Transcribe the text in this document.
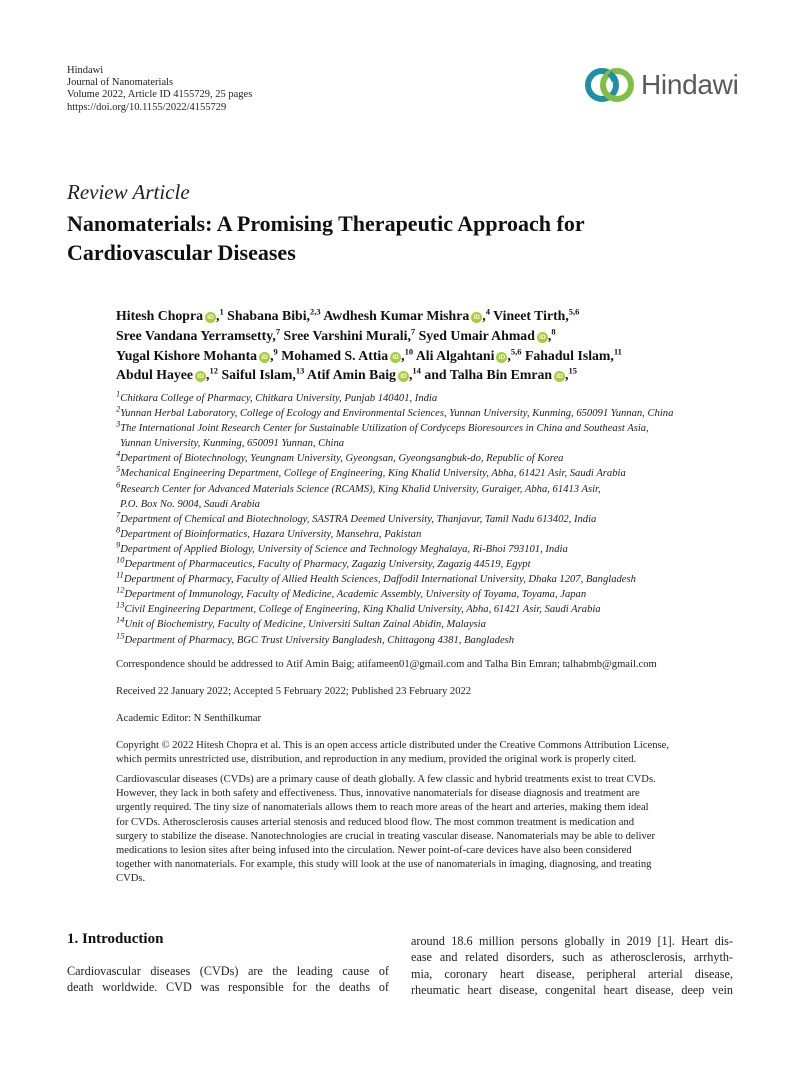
Hindawi
Journal of Nanomaterials
Volume 2022, Article ID 4155729, 25 pages
https://doi.org/10.1155/2022/4155729
Hindawi
Review Article
Nanomaterials: A Promising Therapeutic Approach for
Cardiovascular Diseases
Hitesh Chopra iD ,$^1$ Shabana Bibi,$^{2,3}$ Awdhesh Kumar Mishra iD ,$^4$ Vineet Tirth,$^{5,6}$
Sree Vandana Yerramsetty,$^7$ Sree Varshini Murali,$^7$ Syed Umair Ahmad iD ,$^8$
Yugal Kishore Mohanta iD ,$^9$ Mohamed S. Attia iD ,$^{10}$ Ali Algahtani iD ,$^{5,6}$ Fahadul Islam,$^{11}$
Abdul Hayee iD ,$^{12}$ Saiful Islam,$^{13}$ Atif Amin Baig iD ,$^{14}$ and Talha Bin Emran iD ,$^{15}$
$^1$Chitkara College of Pharmacy, Chitkara University, Punjab 140401, India
$^2$Yunnan Herbal Laboratory, College of Ecology and Environmental Sciences, Yunnan University, Kunming, 650091 Yunnan, China
$^3$The International Joint Research Center for Sustainable Utilization of Cordyceps Bioresources in China and Southeast Asia,
Yunnan University, Kunming, 650091 Yunnan, China
$^4$Department of Biotechnology, Yeungnam University, Gyeongsan, Gyeongsangbuk-do, Republic of Korea
$^5$Mechanical Engineering Department, College of Engineering, King Khalid University, Abha, 61421 Asir, Saudi Arabia
$^6$Research Center for Advanced Materials Science (RCAMS), King Khalid University, Guraiger, Abha, 61413 Asir,
P.O. Box No. 9004, Saudi Arabia
$^7$Department of Chemical and Biotechnology, SASTRA Deemed University, Thanjavur, Tamil Nadu 613402, India
$^8$Department of Bioinformatics, Hazara University, Mansehra, Pakistan
$^9$Department of Applied Biology, University of Science and Technology Meghalaya, Ri-Bhoi 793101, India
$^{10}$Department of Pharmaceutics, Faculty of Pharmacy, Zagazig University, Zagazig 44519, Egypt
$^{11}$Department of Pharmacy, Faculty of Allied Health Sciences, Daffodil International University, Dhaka 1207, Bangladesh
$^{12}$Department of Immunology, Faculty of Medicine, Academic Assembly, University of Toyama, Toyama, Japan
$^{13}$Civil Engineering Department, College of Engineering, King Khalid University, Abha, 61421 Asir, Saudi Arabia
$^{14}$Unit of Biochemistry, Faculty of Medicine, Universiti Sultan Zainal Abidin, Malaysia
$^{15}$Department of Pharmacy, BGC Trust University Bangladesh, Chittagong 4381, Bangladesh
Correspondence should be addressed to Atif Amin Baig; atifameen01@gmail.com and Talha Bin Emran; talhabmb@gmail.com
Received 22 January 2022; Accepted 5 February 2022; Published 23 February 2022
Academic Editor: N Senthilkumar
Copyright © 2022 Hitesh Chopra et al. This is an open access article distributed under the Creative Commons Attribution License,
which permits unrestricted use, distribution, and reproduction in any medium, provided the original work is properly cited.
Cardiovascular diseases (CVDs) are a primary cause of death globally. A few classic and hybrid treatments exist to treat CVDs.
However, they lack in both safety and effectiveness. Thus, innovative nanomaterials for disease diagnosis and treatment are
urgently required. The tiny size of nanomaterials allows them to reach more areas of the heart and arteries, making them ideal
for CVDs. Atherosclerosis causes arterial stenosis and reduced blood flow. The most common treatment is medication and
surgery to stabilize the disease. Nanotechnologies are crucial in treating vascular disease. Nanomaterials may be able to deliver
medications to lesion sites after being infused into the circulation. Newer point-of-care devices have also been considered
together with nanomaterials. For example, this study will look at the use of nanomaterials in imaging, diagnosing, and treating
CVDs.
1. Introduction
Cardiovascular diseases (CVDs) are the leading cause of
death worldwide. CVD was responsible for the deaths of
around 18.6 million persons globally in 2019 [1]. Heart dis-
ease and related disorders, such as atherosclerosis, arrhyth-
mia, coronary heart disease, peripheral arterial disease,
rheumatic heart disease, congenital heart disease, deep vein
